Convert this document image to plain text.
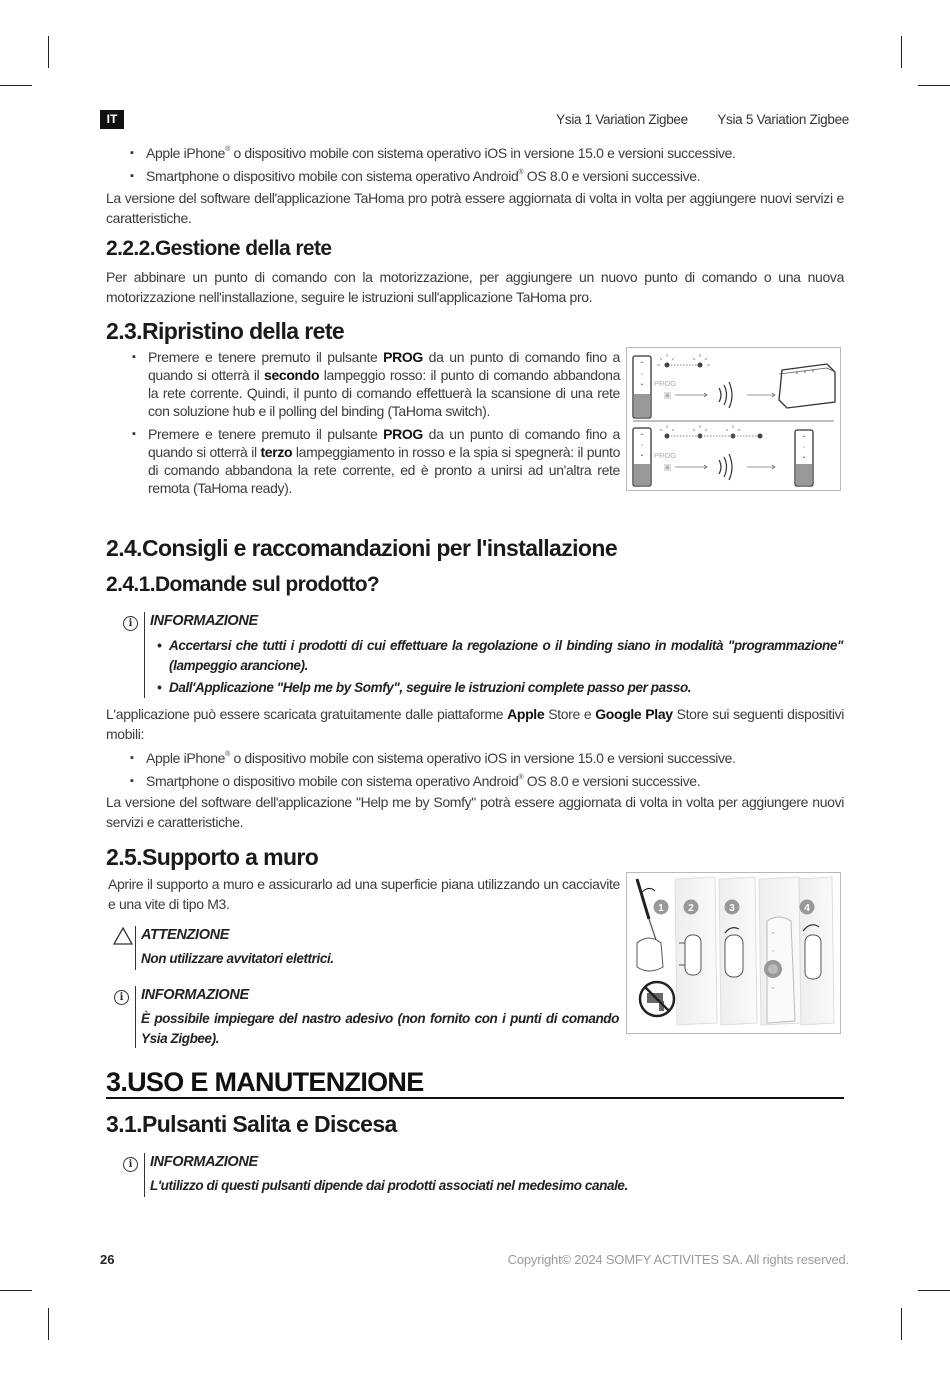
IT	Ysia 1 Variation Zigbee Ysia 5 Variation Zigbee
▪ Apple iPhone® o dispositivo mobile con sistema operativo iOS in versione 15.0 e versioni successive.
▪ Smartphone o dispositivo mobile con sistema operativo Android® OS 8.0 e versioni successive.
La versione del software dell'applicazione TaHoma pro potrà essere aggiornata di volta in volta per aggiungere nuovi servizi e caratteristiche.
2.2.2.Gestione della rete
Per abbinare un punto di comando con la motorizzazione, per aggiungere un nuovo punto di comando o una nuova motorizzazione nell'installazione, seguire le istruzioni sull'applicazione TaHoma pro.
2.3.Ripristino della rete
▪ Premere e tenere premuto il pulsante PROG da un punto di comando fino a quando si otterrà il secondo lampeggio rosso: il punto di comando abbandona la rete corrente. Quindi, il punto di comando effettuerà la scansione di una rete con soluzione hub e il polling del binding (TaHoma switch).
▪ Premere e tenere premuto il pulsante PROG da un punto di comando fino a quando si otterrà il terzo lampeggiamento in rosso e la spia si spegnerà: il punto di comando abbandona la rete corrente, ed è pronto a unirsi ad un'altra rete remota (TaHoma ready).
⌃
◦
⌄ PROG
⌃
◦
⌄ PROG
⌃
◦
⌄
2.4.Consigli e raccomandazioni per l'installazione
2.4.1.Domande sul prodotto?
i	INFORMAZIONE
• Accertarsi che tutti i prodotti di cui effettuare la regolazione o il binding siano in modalità "programmazione" (lampeggio arancione).
• Dall'Applicazione "Help me by Somfy", seguire le istruzioni complete passo per passo.
L'applicazione può essere scaricata gratuitamente dalle piattaforme Apple Store e Google Play Store sui seguenti dispositivi mobili:
▪ Apple iPhone® o dispositivo mobile con sistema operativo iOS in versione 15.0 e versioni successive.
▪ Smartphone o dispositivo mobile con sistema operativo Android® OS 8.0 e versioni successive.
La versione del software dell'applicazione "Help me by Somfy" potrà essere aggiornata di volta in volta per aggiungere nuovi servizi e caratteristiche.
2.5.Supporto a muro
Aprire il supporto a muro e assicurarlo ad una superficie piana utilizzando un cacciavite e una vite di tipo M3.
ATTENZIONE
Non utilizzare avvitatori elettrici.
i	INFORMAZIONE
È possibile impiegare del nastro adesivo (non fornito con i punti di comando Ysia Zigbee).
⌃
◦
⌄
1 2	3	4
3.USO E MANUTENZIONE
3.1.Pulsanti Salita e Discesa
i	INFORMAZIONE
L'utilizzo di questi pulsanti dipende dai prodotti associati nel medesimo canale.
26	Copyright© 2024 SOMFY ACTIVITES SA. All rights reserved.
